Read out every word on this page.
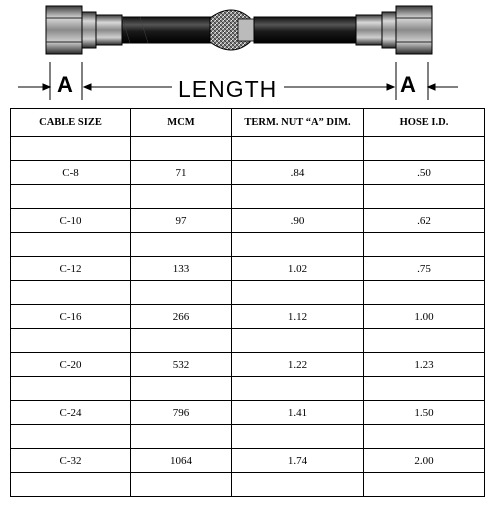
A	LENGTH	A
CABLE SIZE	MCM	TERM. NUT “A” DIM.	HOSE I.D.

C-8	71	.84	.50

C-10	97	.90	.62

C-12	133	1.02	.75

C-16	266	1.12	1.00

C-20	532	1.22	1.23

C-24	796	1.41	1.50

C-32	1064	1.74	2.00
